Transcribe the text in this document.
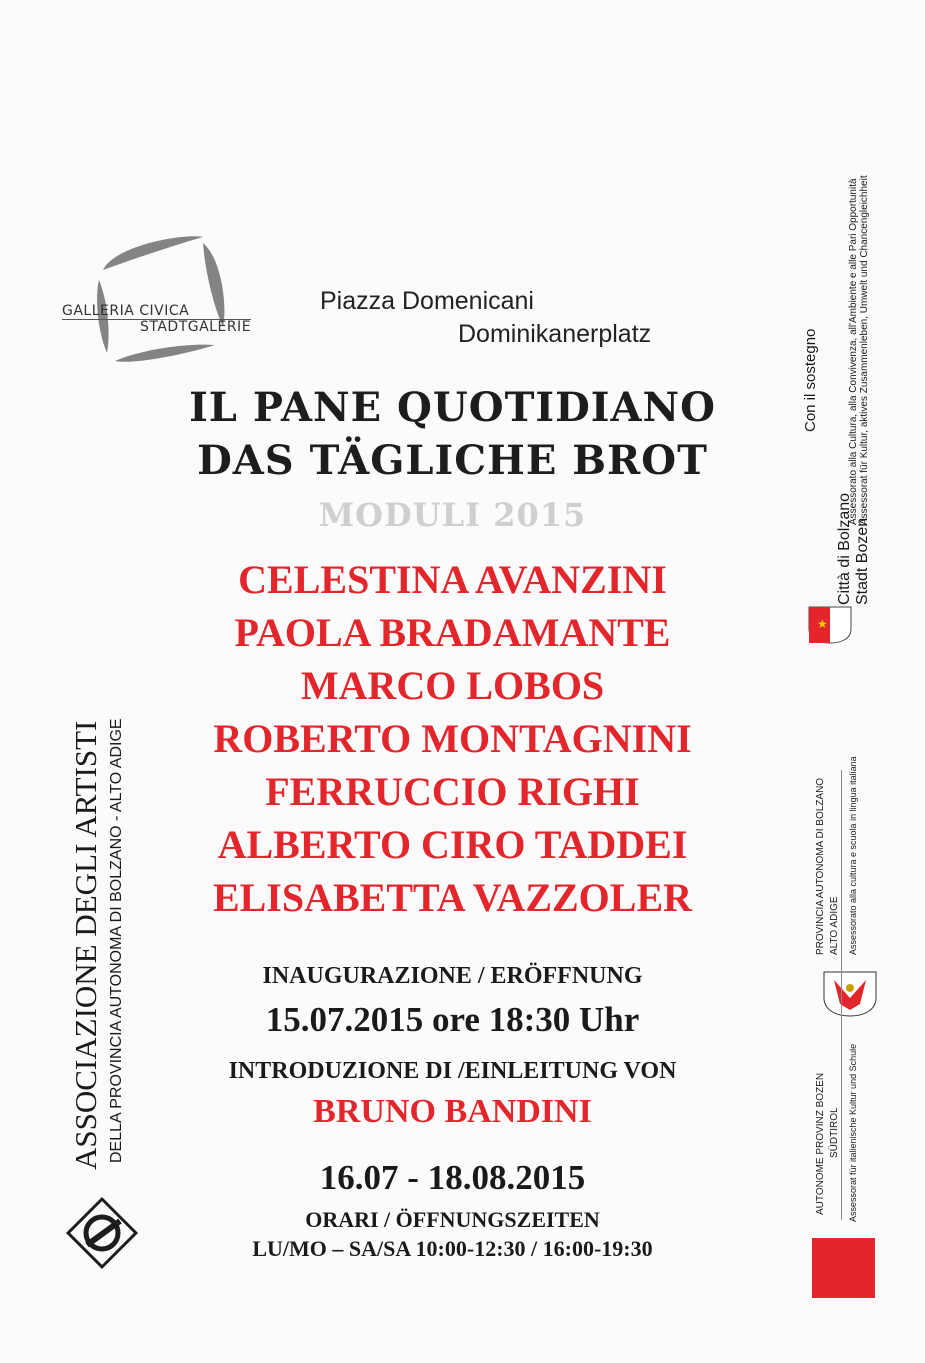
GALLERIA CIVICA
STADTGALERIE
Piazza Domenicani
Dominikanerplatz
IL PANE QUOTIDIANO
DAS TÄGLICHE BROT
MODULI 2015
CELESTINA AVANZINI
PAOLA BRADAMANTE
MARCO LOBOS
ROBERTO MONTAGNINI
FERRUCCIO RIGHI
ALBERTO CIRO TADDEI
ELISABETTA VAZZOLER
INAUGURAZIONE / ERÖFFNUNG
15.07.2015 ore 18:30 Uhr
INTRODUZIONE DI /EINLEITUNG VON
BRUNO BANDINI
16.07 - 18.08.2015
ORARI / ÖFFNUNGSZEITEN
LU/MO – SA/SA 10:00-12:30 / 16:00-19:30
ASSOCIAZIONE DEGLI ARTISTI DELLA PROVINCIA AUTONOMA DI BOLZANO - ALTO ADIGE
Con il sostegno	Assessorato alla Cultura, alla Convivenza, all'Ambiente e alle Pari Opportunità Assessorat für Kultur, aktives Zusammenleben, Umwelt und Chancengleichheit
Città di Bolzano Stadt Bozen
★
PROVINCIA AUTONOMA DI BOLZANO ALTO ADIGE Assessorato alla cultura e scuola in lingua italiana
AUTONOME PROVINZ BOZEN SÜDTIROL Assessorat für italienische Kultur und Schule
